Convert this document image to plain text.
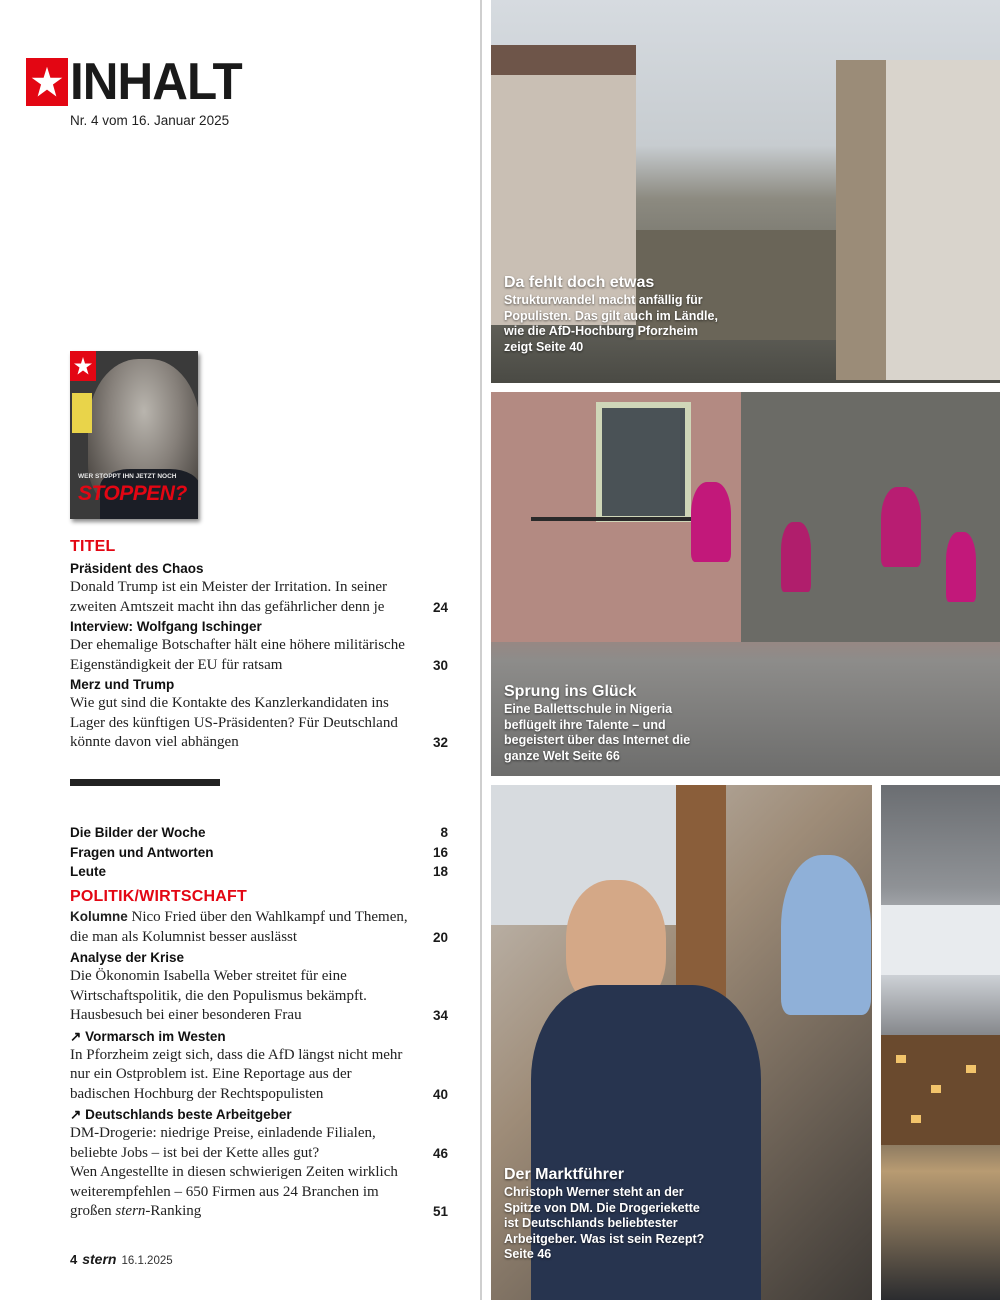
INHALT
Nr. 4 vom 16. Januar 2025
WER STOPPT IHN JETZT NOCH
STOPPEN?
TITEL
Präsident des Chaos
Donald Trump ist ein Meister der Irritation. In seiner zweiten Amtszeit macht ihn das gefährlicher denn je	24
Interview: Wolfgang Ischinger
Der ehemalige Botschafter hält eine höhere militärische Eigenständigkeit der EU für ratsam	30
Merz und Trump
Wie gut sind die Kontakte des Kanzlerkandidaten ins Lager des künftigen US-Präsidenten? Für Deutschland könnte davon viel abhängen	32
Die Bilder der Woche	8
Fragen und Antworten	16
Leute	18
POLITIK/WIRTSCHAFT
Kolumne Nico Fried über den Wahlkampf und Themen, die man als Kolumnist besser auslässt	20
Analyse der Krise
Die Ökonomin Isabella Weber streitet für eine Wirtschaftspolitik, die den Populismus bekämpft. Hausbesuch bei einer besonderen Frau	34
↗ Vormarsch im Westen
In Pforzheim zeigt sich, dass die AfD längst nicht mehr nur ein Ostproblem ist. Eine Reportage aus der badischen Hochburg der Rechtspopulisten	40
↗ Deutschlands beste Arbeitgeber
DM-Drogerie: niedrige Preise, einladende Filialen, beliebte Jobs – ist bei der Kette alles gut?	46
Wen Angestellte in diesen schwierigen Zeiten wirklich weiterempfehlen – 650 Firmen aus 24 Branchen im großen stern-Ranking	51
4 stern 16.1.2025
Da fehlt doch etwas
Strukturwandel macht anfällig für Populisten. Das gilt auch im Ländle, wie die AfD-Hochburg Pforzheim zeigt Seite 40
Sprung ins Glück
Eine Ballettschule in Nigeria beflügelt ihre Talente – und begeistert über das Internet die ganze Welt Seite 66
Der Marktführer
Christoph Werner steht an der Spitze von DM. Die Drogeriekette ist Deutschlands beliebtester Arbeitgeber. Was ist sein Rezept? Seite 46
